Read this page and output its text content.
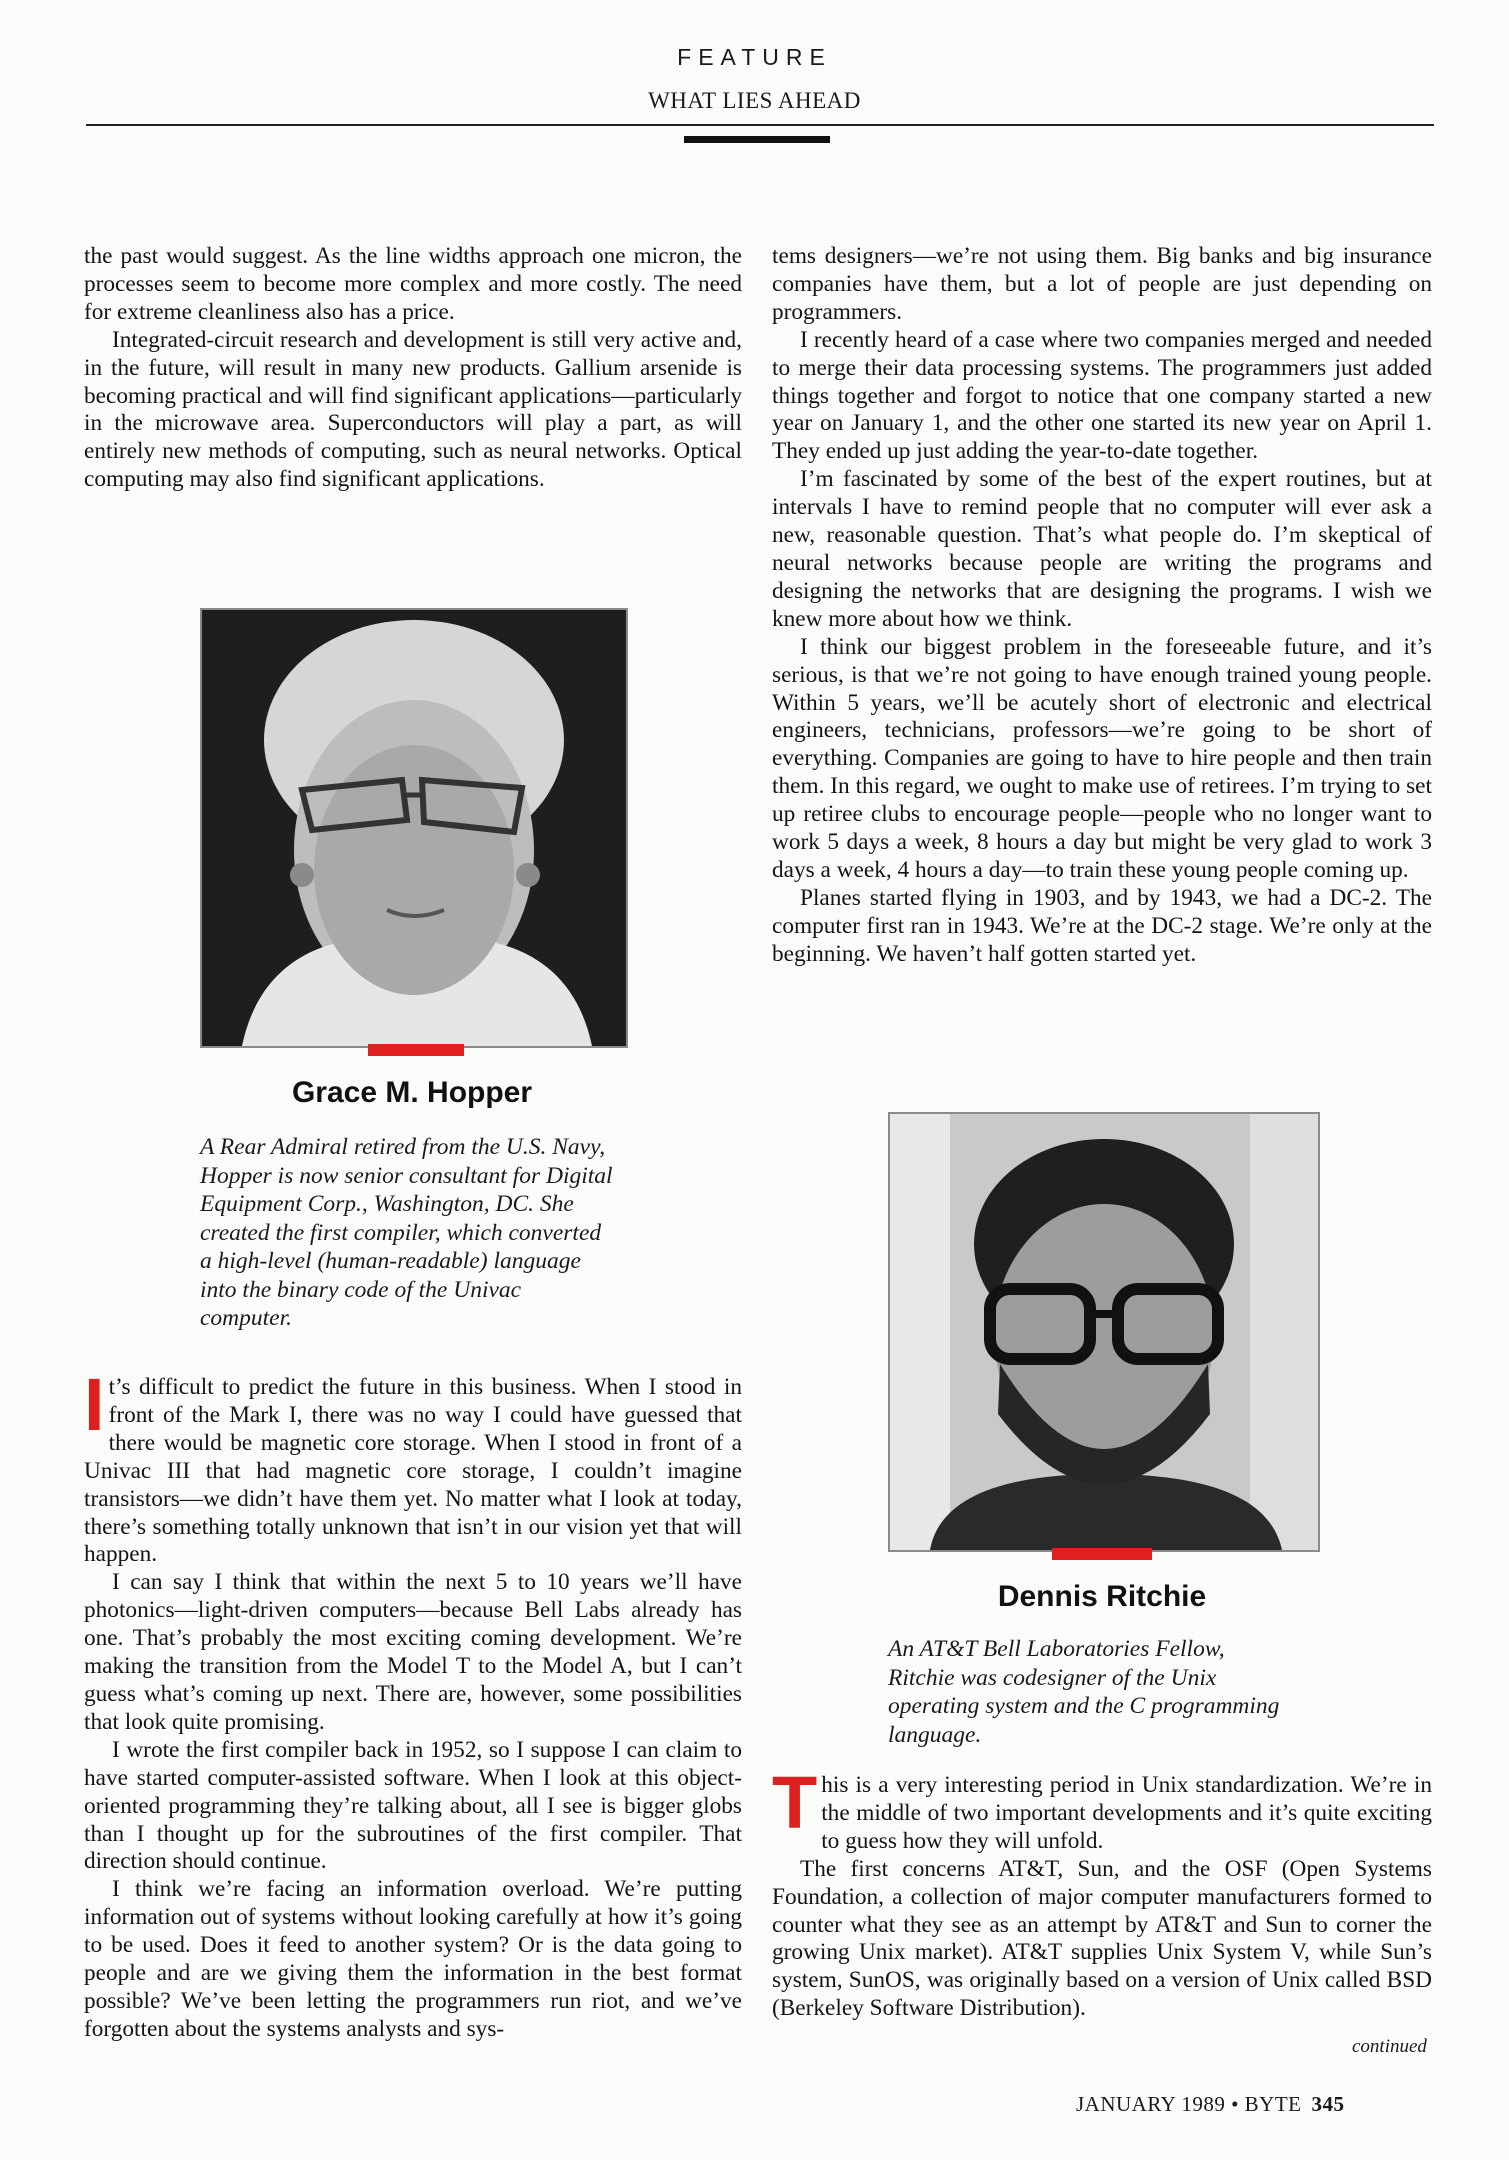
FEATURE
WHAT LIES AHEAD

the past would suggest. As the line widths approach one micron, the processes seem to become more complex and more costly. The need for extreme cleanliness also has a price.

Integrated-circuit research and development is still very active and, in the future, will result in many new products. Gallium arsenide is becoming practical and will find significant applications—particularly in the microwave area. Superconductors will play a part, as will entirely new methods of computing, such as neural networks. Optical computing may also find significant applications.

Grace M. Hopper
A Rear Admiral retired from the U.S. Navy, Hopper is now senior consultant for Digital Equipment Corp., Washington, DC. She created the first compiler, which converted a high-level (human-readable) language into the binary code of the Univac computer.

It’s difficult to predict the future in this business. When I stood in front of the Mark I, there was no way I could have guessed that there would be magnetic core storage. When I stood in front of a Univac III that had magnetic core storage, I couldn’t imagine transistors—we didn’t have them yet. No matter what I look at today, there’s something totally unknown that isn’t in our vision yet that will happen.

I can say I think that within the next 5 to 10 years we’ll have photonics—light-driven computers—because Bell Labs already has one. That’s probably the most exciting coming development. We’re making the transition from the Model T to the Model A, but I can’t guess what’s coming up next. There are, however, some possibilities that look quite promising.

I wrote the first compiler back in 1952, so I suppose I can claim to have started computer-assisted software. When I look at this object-oriented programming they’re talking about, all I see is bigger globs than I thought up for the subroutines of the first compiler. That direction should continue.

I think we’re facing an information overload. We’re putting information out of systems without looking carefully at how it’s going to be used. Does it feed to another system? Or is the data going to people and are we giving them the information in the best format possible? We’ve been letting the programmers run riot, and we’ve forgotten about the systems analysts and sys-

tems designers—we’re not using them. Big banks and big insurance companies have them, but a lot of people are just depending on programmers.

I recently heard of a case where two companies merged and needed to merge their data processing systems. The programmers just added things together and forgot to notice that one company started a new year on January 1, and the other one started its new year on April 1. They ended up just adding the year-to-date together.

I’m fascinated by some of the best of the expert routines, but at intervals I have to remind people that no computer will ever ask a new, reasonable question. That’s what people do. I’m skeptical of neural networks because people are writing the programs and designing the networks that are designing the programs. I wish we knew more about how we think.

I think our biggest problem in the foreseeable future, and it’s serious, is that we’re not going to have enough trained young people. Within 5 years, we’ll be acutely short of electronic and electrical engineers, technicians, professors—we’re going to be short of everything. Companies are going to have to hire people and then train them. In this regard, we ought to make use of retirees. I’m trying to set up retiree clubs to encourage people—people who no longer want to work 5 days a week, 8 hours a day but might be very glad to work 3 days a week, 4 hours a day—to train these young people coming up.

Planes started flying in 1903, and by 1943, we had a DC-2. The computer first ran in 1943. We’re at the DC-2 stage. We’re only at the beginning. We haven’t half gotten started yet.

Dennis Ritchie
An AT&T Bell Laboratories Fellow, Ritchie was codesigner of the Unix operating system and the C programming language.

This is a very interesting period in Unix standardization. We’re in the middle of two important developments and it’s quite exciting to guess how they will unfold.

The first concerns AT&T, Sun, and the OSF (Open Systems Foundation, a collection of major computer manufacturers formed to counter what they see as an attempt by AT&T and Sun to corner the growing Unix market). AT&T supplies Unix System V, while Sun’s system, SunOS, was originally based on a version of Unix called BSD (Berkeley Software Distribution).

continued
JANUARY 1989 • BYTE 345
